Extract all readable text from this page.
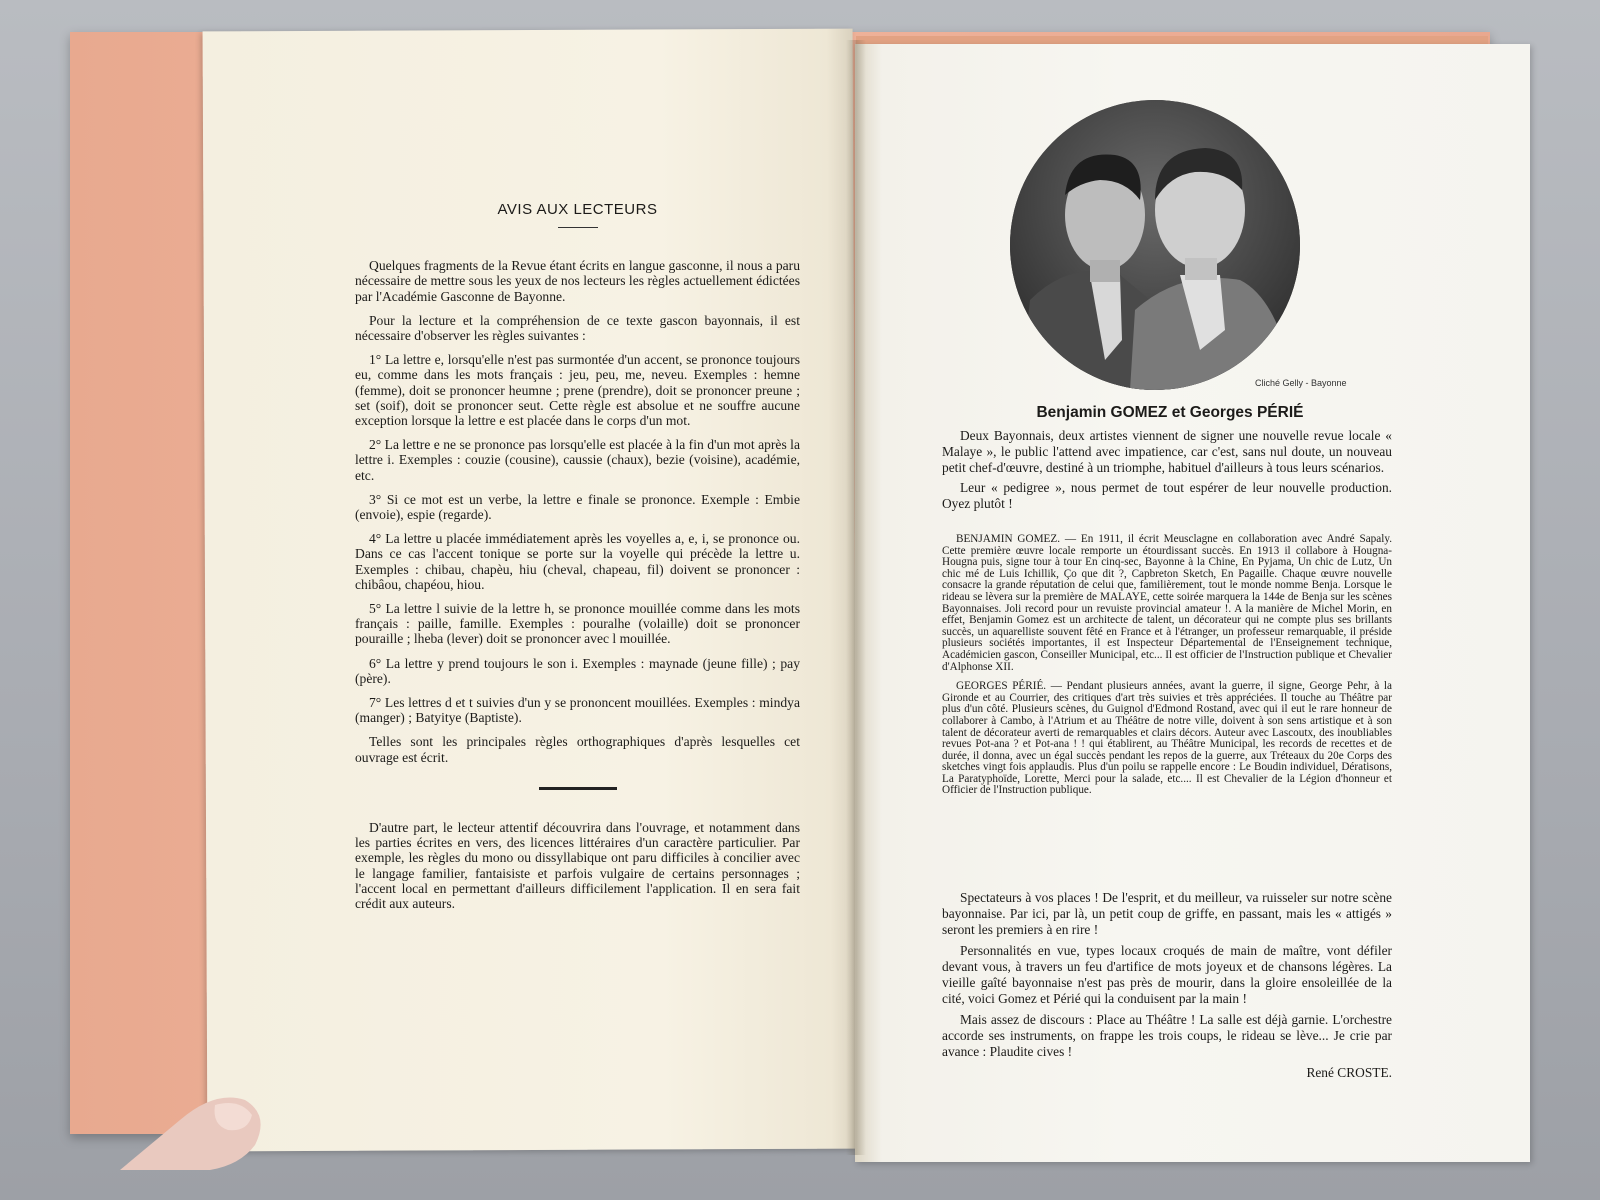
AVIS AUX LECTEURS

Quelques fragments de la Revue étant écrits en langue gasconne, il nous a paru nécessaire de mettre sous les yeux de nos lecteurs les règles actuellement édictées par l'Académie Gasconne de Bayonne.

Pour la lecture et la compréhension de ce texte gascon bayonnais, il est nécessaire d'observer les règles suivantes :

1° La lettre e, lorsqu'elle n'est pas surmontée d'un accent, se prononce toujours eu, comme dans les mots français : jeu, peu, me, neveu. Exemples : hemne (femme), doit se prononcer heumne ; prene (prendre), doit se prononcer preune ; set (soif), doit se prononcer seut. Cette règle est absolue et ne souffre aucune exception lorsque la lettre e est placée dans le corps d'un mot.

2° La lettre e ne se prononce pas lorsqu'elle est placée à la fin d'un mot après la lettre i. Exemples : couzie (cousine), caussie (chaux), bezie (voisine), académie, etc.

3° Si ce mot est un verbe, la lettre e finale se prononce. Exemple : Embie (envoie), espie (regarde).

4° La lettre u placée immédiatement après les voyelles a, e, i, se prononce ou. Dans ce cas l'accent tonique se porte sur la voyelle qui précède la lettre u. Exemples : chibau, chapèu, hiu (cheval, chapeau, fil) doivent se prononcer : chibâou, chapéou, hiou.

5° La lettre l suivie de la lettre h, se prononce mouillée comme dans les mots français : paille, famille. Exemples : pouralhe (volaille) doit se prononcer pouraille ; lheba (lever) doit se prononcer avec l mouillée.

6° La lettre y prend toujours le son i. Exemples : maynade (jeune fille) ; pay (père).

7° Les lettres d et t suivies d'un y se prononcent mouillées. Exemples : mindya (manger) ; Batyitye (Baptiste).

Telles sont les principales règles orthographiques d'après lesquelles cet ouvrage est écrit.

D'autre part, le lecteur attentif découvrira dans l'ouvrage, et notamment dans les parties écrites en vers, des licences littéraires d'un caractère particulier. Par exemple, les règles du mono ou dissyllabique ont paru difficiles à concilier avec le langage familier, fantaisiste et parfois vulgaire de certains personnages ; l'accent local en permettant d'ailleurs difficilement l'application. Il en sera fait crédit aux auteurs.

Cliché Gelly - Bayonne
Benjamin GOMEZ et Georges PÉRIÉ

Deux Bayonnais, deux artistes viennent de signer une nouvelle revue locale « Malaye », le public l'attend avec impatience, car c'est, sans nul doute, un nouveau petit chef-d'œuvre, destiné à un triomphe, habituel d'ailleurs à tous leurs scénarios.

Leur « pedigree », nous permet de tout espérer de leur nouvelle production. Oyez plutôt !

BENJAMIN GOMEZ. — En 1911, il écrit Meusclagne en collaboration avec André Sapaly. Cette première œuvre locale remporte un étourdissant succès. En 1913 il collabore à Hougna-Hougna puis, signe tour à tour En cinq-sec, Bayonne à la Chine, En Pyjama, Un chic de Lutz, Un chic mé de Luis Ichillik, Ço que dit ?, Capbreton Sketch, En Pagaille. Chaque œuvre nouvelle consacre la grande réputation de celui que, familièrement, tout le monde nomme Benja. Lorsque le rideau se lèvera sur la première de MALAYE, cette soirée marquera la 144e de Benja sur les scènes Bayonnaises. Joli record pour un revuiste provincial amateur !. A la manière de Michel Morin, en effet, Benjamin Gomez est un architecte de talent, un décorateur qui ne compte plus ses brillants succès, un aquarelliste souvent fêté en France et à l'étranger, un professeur remarquable, il préside plusieurs sociétés importantes, il est Inspecteur Départemental de l'Enseignement technique, Académicien gascon, Conseiller Municipal, etc... Il est officier de l'Instruction publique et Chevalier d'Alphonse XII.

GEORGES PÉRIÉ. — Pendant plusieurs années, avant la guerre, il signe, George Pehr, à la Gironde et au Courrier, des critiques d'art très suivies et très appréciées. Il touche au Théâtre par plus d'un côté. Plusieurs scènes, du Guignol d'Edmond Rostand, avec qui il eut le rare honneur de collaborer à Cambo, à l'Atrium et au Théâtre de notre ville, doivent à son sens artistique et à son talent de décorateur averti de remarquables et clairs décors. Auteur avec Lascoutx, des inoubliables revues Pot-ana ? et Pot-ana ! ! qui établirent, au Théâtre Municipal, les records de recettes et de durée, il donna, avec un égal succès pendant les repos de la guerre, aux Tréteaux du 20e Corps des sketches vingt fois applaudis. Plus d'un poilu se rappelle encore : Le Boudin individuel, Dératisons, La Paratyphoïde, Lorette, Merci pour la salade, etc.... Il est Chevalier de la Légion d'honneur et Officier de l'Instruction publique.

Spectateurs à vos places ! De l'esprit, et du meilleur, va ruisseler sur notre scène bayonnaise. Par ici, par là, un petit coup de griffe, en passant, mais les « attigés » seront les premiers à en rire !

Personnalités en vue, types locaux croqués de main de maître, vont défiler devant vous, à travers un feu d'artifice de mots joyeux et de chansons légères. La vieille gaîté bayonnaise n'est pas près de mourir, dans la gloire ensoleillée de la cité, voici Gomez et Périé qui la conduisent par la main !

Mais assez de discours : Place au Théâtre ! La salle est déjà garnie. L'orchestre accorde ses instruments, on frappe les trois coups, le rideau se lève... Je crie par avance : Plaudite cives !

René CROSTE.
